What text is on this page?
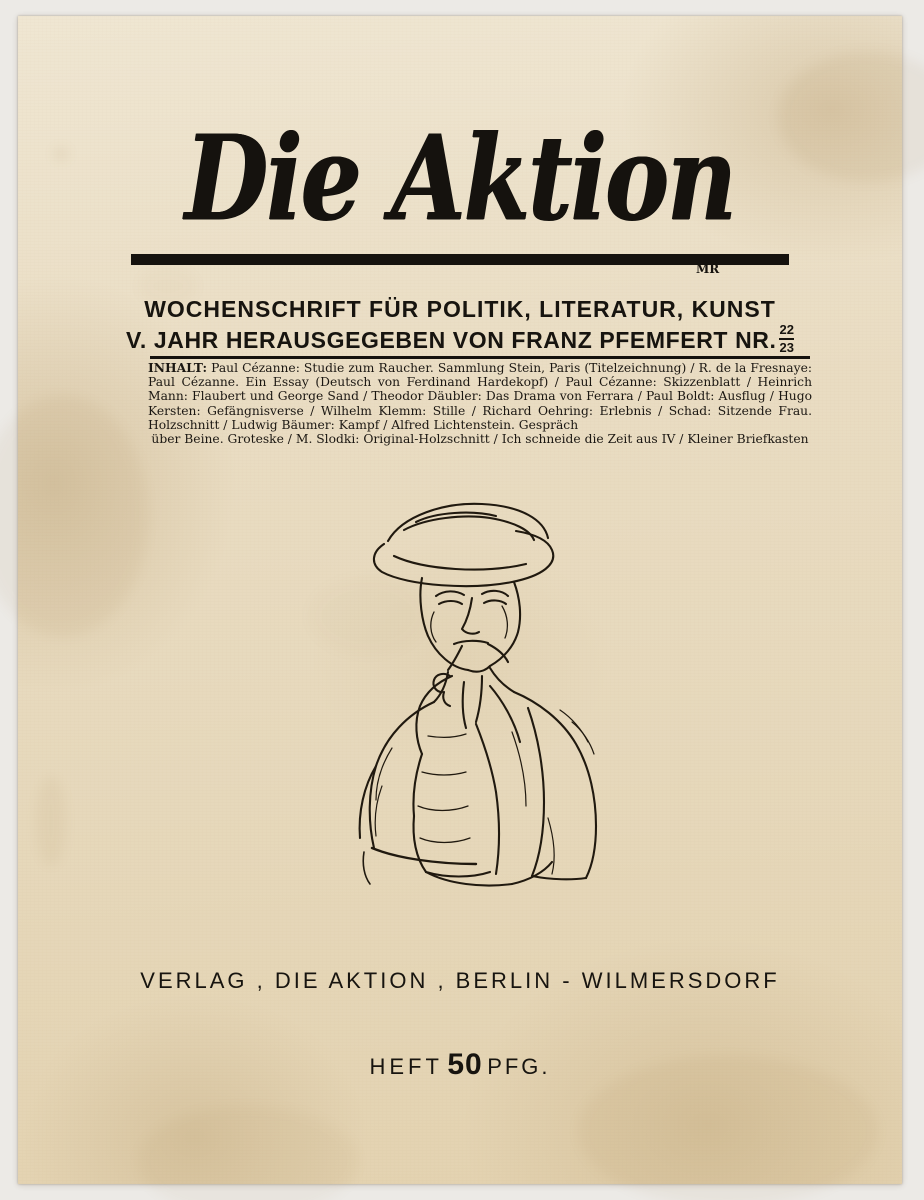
Die Aktion
MR
WOCHENSCHRIFT FÜR POLITIK, LITERATUR, KUNST
V. JAHR HERAUSGEGEBEN VON FRANZ PFEMFERT NR. $\frac{22}{23}$
INHALT: Paul Cézanne: Studie zum Raucher. Sammlung Stein, Paris (Titelzeichnung) / R. de la Fresnaye: Paul Cézanne. Ein Essay (Deutsch von Ferdinand Hardekopf) / Paul Cézanne: Skizzenblatt / Heinrich Mann: Flaubert und George Sand / Theodor Däubler: Das Drama von Ferrara / Paul Boldt: Ausflug / Hugo Kersten: Gefängnisverse / Wilhelm Klemm: Stille / Richard Oehring: Erlebnis / Schad: Sitzende Frau. Holzschnitt / Ludwig Bäumer: Kampf / Alfred Lichtenstein. Gespräch
über Beine. Groteske / M. Slodki: Original-Holzschnitt / Ich schneide die Zeit aus IV / Kleiner Briefkasten
VERLAG , DIE AKTION , BERLIN - WILMERSDORF
HEFT 50 PFG.
